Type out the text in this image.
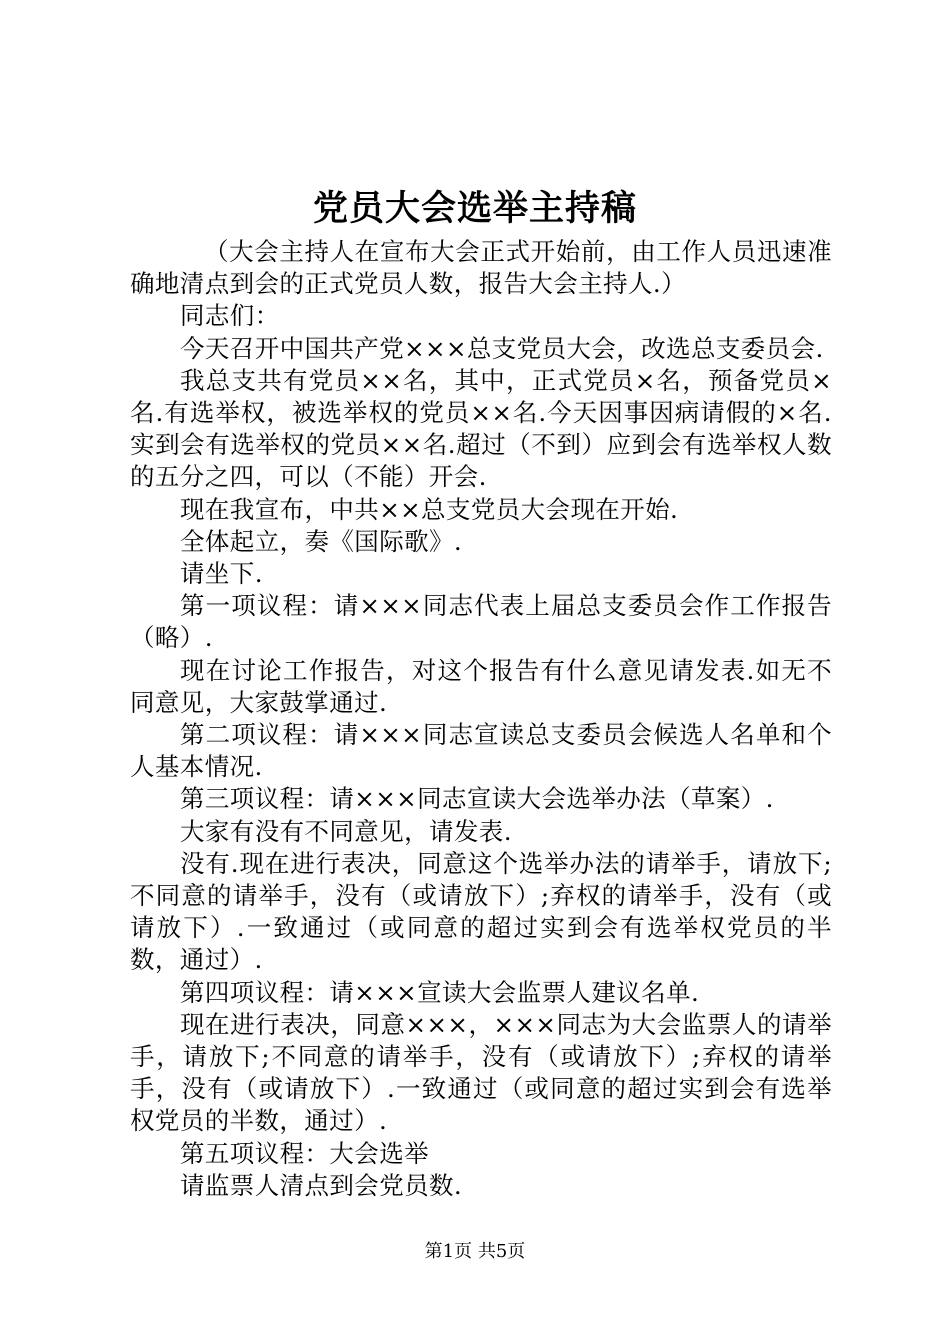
党员大会选举主持稿

（大会主持人在宣布大会正式开始前，由工作人员迅速准确地清点到会的正式党员人数，报告大会主持人.）

同志们：

今天召开中国共产党×××总支党员大会，改选总支委员会.

我总支共有党员××名，其中，正式党员×名，预备党员×名.有选举权，被选举权的党员××名.今天因事因病请假的×名.实到会有选举权的党员××名.超过（不到）应到会有选举权人数的五分之四，可以（不能）开会.

现在我宣布，中共××总支党员大会现在开始.

全体起立，奏《国际歌》.

请坐下.

第一项议程：请×××同志代表上届总支委员会作工作报告（略）.

现在讨论工作报告，对这个报告有什么意见请发表.如无不同意见，大家鼓掌通过.

第二项议程：请×××同志宣读总支委员会候选人名单和个人基本情况.

第三项议程：请×××同志宣读大会选举办法（草案）.

大家有没有不同意见，请发表.

没有.现在进行表决，同意这个选举办法的请举手，请放下;不同意的请举手，没有（或请放下）;弃权的请举手，没有（或请放下）.一致通过（或同意的超过实到会有选举权党员的半数，通过）.

第四项议程：请×××宣读大会监票人建议名单.

现在进行表决，同意×××，×××同志为大会监票人的请举手，请放下;不同意的请举手，没有（或请放下）;弃权的请举手，没有（或请放下）.一致通过（或同意的超过实到会有选举权党员的半数，通过）.

第五项议程：大会选举

请监票人清点到会党员数.

第1页 共5页
